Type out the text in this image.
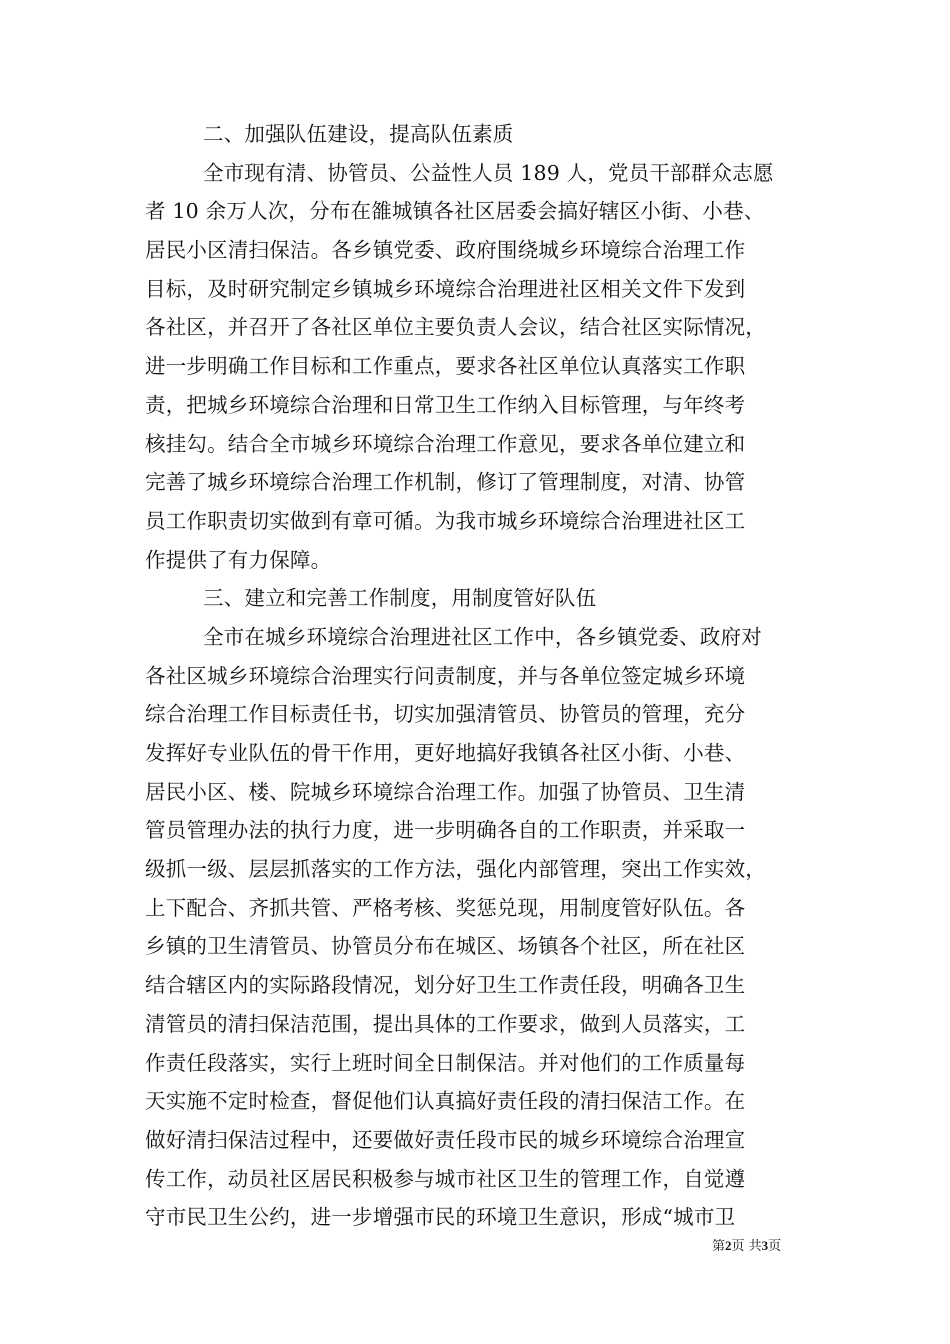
二、加强队伍建设，提高队伍素质
全市现有清、协管员、公益性人员 189 人，党员干部群众志愿
者 10 余万人次，分布在雒城镇各社区居委会搞好辖区小街、小巷、
居民小区清扫保洁。各乡镇党委、政府围绕城乡环境综合治理工作
目标，及时研究制定乡镇城乡环境综合治理进社区相关文件下发到
各社区，并召开了各社区单位主要负责人会议，结合社区实际情况，
进一步明确工作目标和工作重点，要求各社区单位认真落实工作职
责，把城乡环境综合治理和日常卫生工作纳入目标管理，与年终考
核挂勾。结合全市城乡环境综合治理工作意见，要求各单位建立和
完善了城乡环境综合治理工作机制，修订了管理制度，对清、协管
员工作职责切实做到有章可循。为我市城乡环境综合治理进社区工
作提供了有力保障。
三、建立和完善工作制度，用制度管好队伍
全市在城乡环境综合治理进社区工作中，各乡镇党委、政府对
各社区城乡环境综合治理实行问责制度，并与各单位签定城乡环境
综合治理工作目标责任书，切实加强清管员、协管员的管理，充分
发挥好专业队伍的骨干作用，更好地搞好我镇各社区小街、小巷、
居民小区、楼、院城乡环境综合治理工作。加强了协管员、卫生清
管员管理办法的执行力度，进一步明确各自的工作职责，并采取一
级抓一级、层层抓落实的工作方法，强化内部管理，突出工作实效，
上下配合、齐抓共管、严格考核、奖惩兑现，用制度管好队伍。各
乡镇的卫生清管员、协管员分布在城区、场镇各个社区，所在社区
结合辖区内的实际路段情况，划分好卫生工作责任段，明确各卫生
清管员的清扫保洁范围，提出具体的工作要求，做到人员落实，工
作责任段落实，实行上班时间全日制保洁。并对他们的工作质量每
天实施不定时检查，督促他们认真搞好责任段的清扫保洁工作。在
做好清扫保洁过程中，还要做好责任段市民的城乡环境综合治理宣
传工作，动员社区居民积极参与城市社区卫生的管理工作，自觉遵
守市民卫生公约，进一步增强市民的环境卫生意识，形成“城市卫
第2页 共3页
